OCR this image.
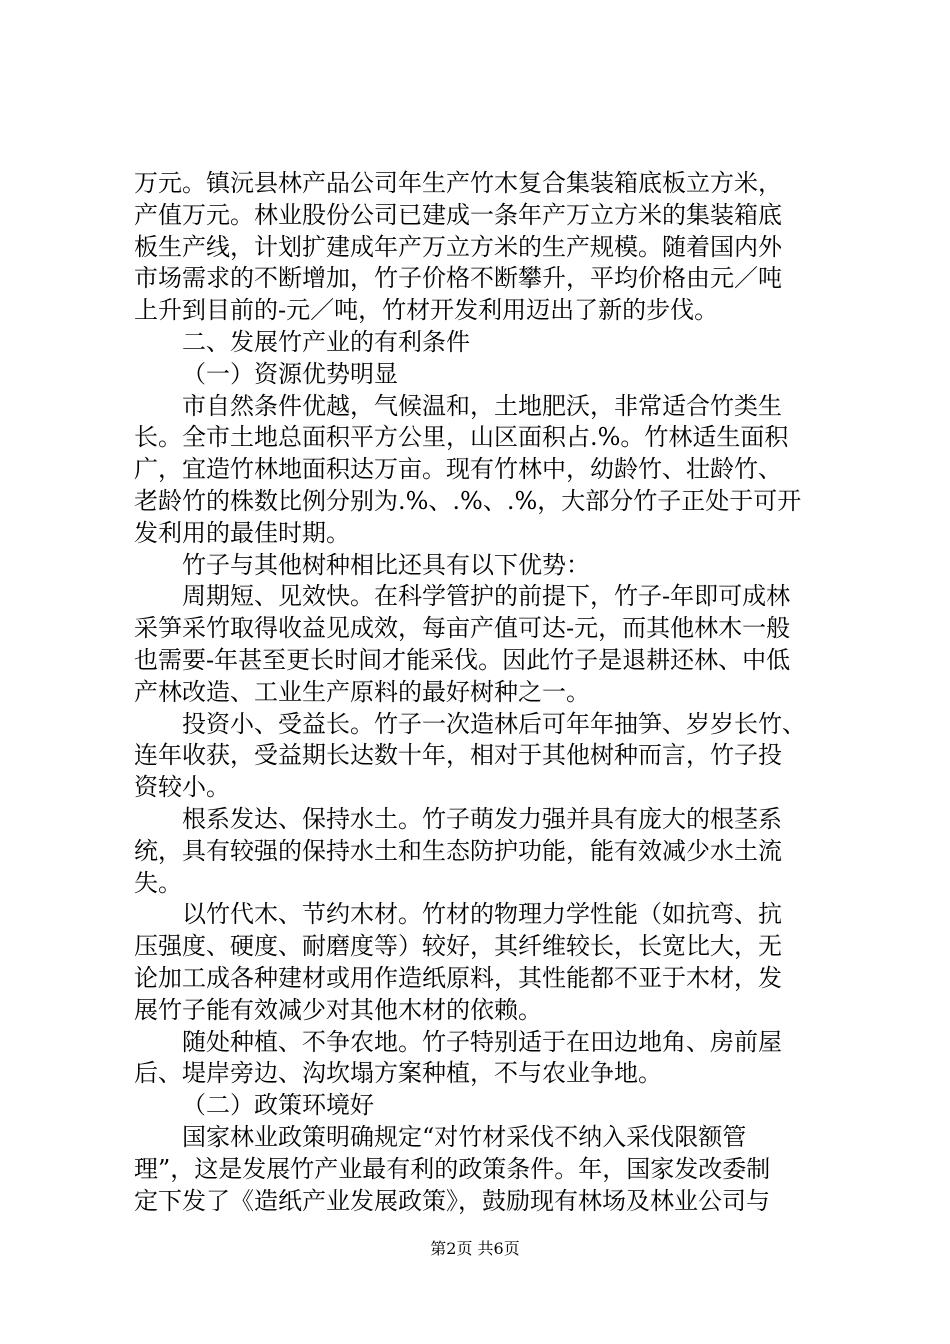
万元。镇沅县林产品公司年生产竹木复合集装箱底板立方米，
产值万元。林业股份公司已建成一条年产万立方米的集装箱底
板生产线，计划扩建成年产万立方米的生产规模。随着国内外
市场需求的不断增加，竹子价格不断攀升，平均价格由元／吨
上升到目前的-元／吨，竹材开发利用迈出了新的步伐。
二、发展竹产业的有利条件
（一）资源优势明显
市自然条件优越，气候温和，土地肥沃，非常适合竹类生
长。全市土地总面积平方公里，山区面积占.%。竹林适生面积
广，宜造竹林地面积达万亩。现有竹林中，幼龄竹、壮龄竹、
老龄竹的株数比例分别为.%、.%、.%，大部分竹子正处于可开
发利用的最佳时期。
竹子与其他树种相比还具有以下优势：
周期短、见效快。在科学管护的前提下，竹子-年即可成林
采笋采竹取得收益见成效，每亩产值可达-元，而其他林木一般
也需要-年甚至更长时间才能采伐。因此竹子是退耕还林、中低
产林改造、工业生产原料的最好树种之一。
投资小、受益长。竹子一次造林后可年年抽笋、岁岁长竹、
连年收获，受益期长达数十年，相对于其他树种而言，竹子投
资较小。
根系发达、保持水土。竹子萌发力强并具有庞大的根茎系
统，具有较强的保持水土和生态防护功能，能有效减少水土流
失。
以竹代木、节约木材。竹材的物理力学性能（如抗弯、抗
压强度、硬度、耐磨度等）较好，其纤维较长，长宽比大，无
论加工成各种建材或用作造纸原料，其性能都不亚于木材，发
展竹子能有效减少对其他木材的依赖。
随处种植、不争农地。竹子特别适于在田边地角、房前屋
后、堤岸旁边、沟坎塌方案种植，不与农业争地。
（二）政策环境好
国家林业政策明确规定“对竹材采伐不纳入采伐限额管
理”，这是发展竹产业最有利的政策条件。年，国家发改委制
定下发了《造纸产业发展政策》，鼓励现有林场及林业公司与
第2页 共6页
